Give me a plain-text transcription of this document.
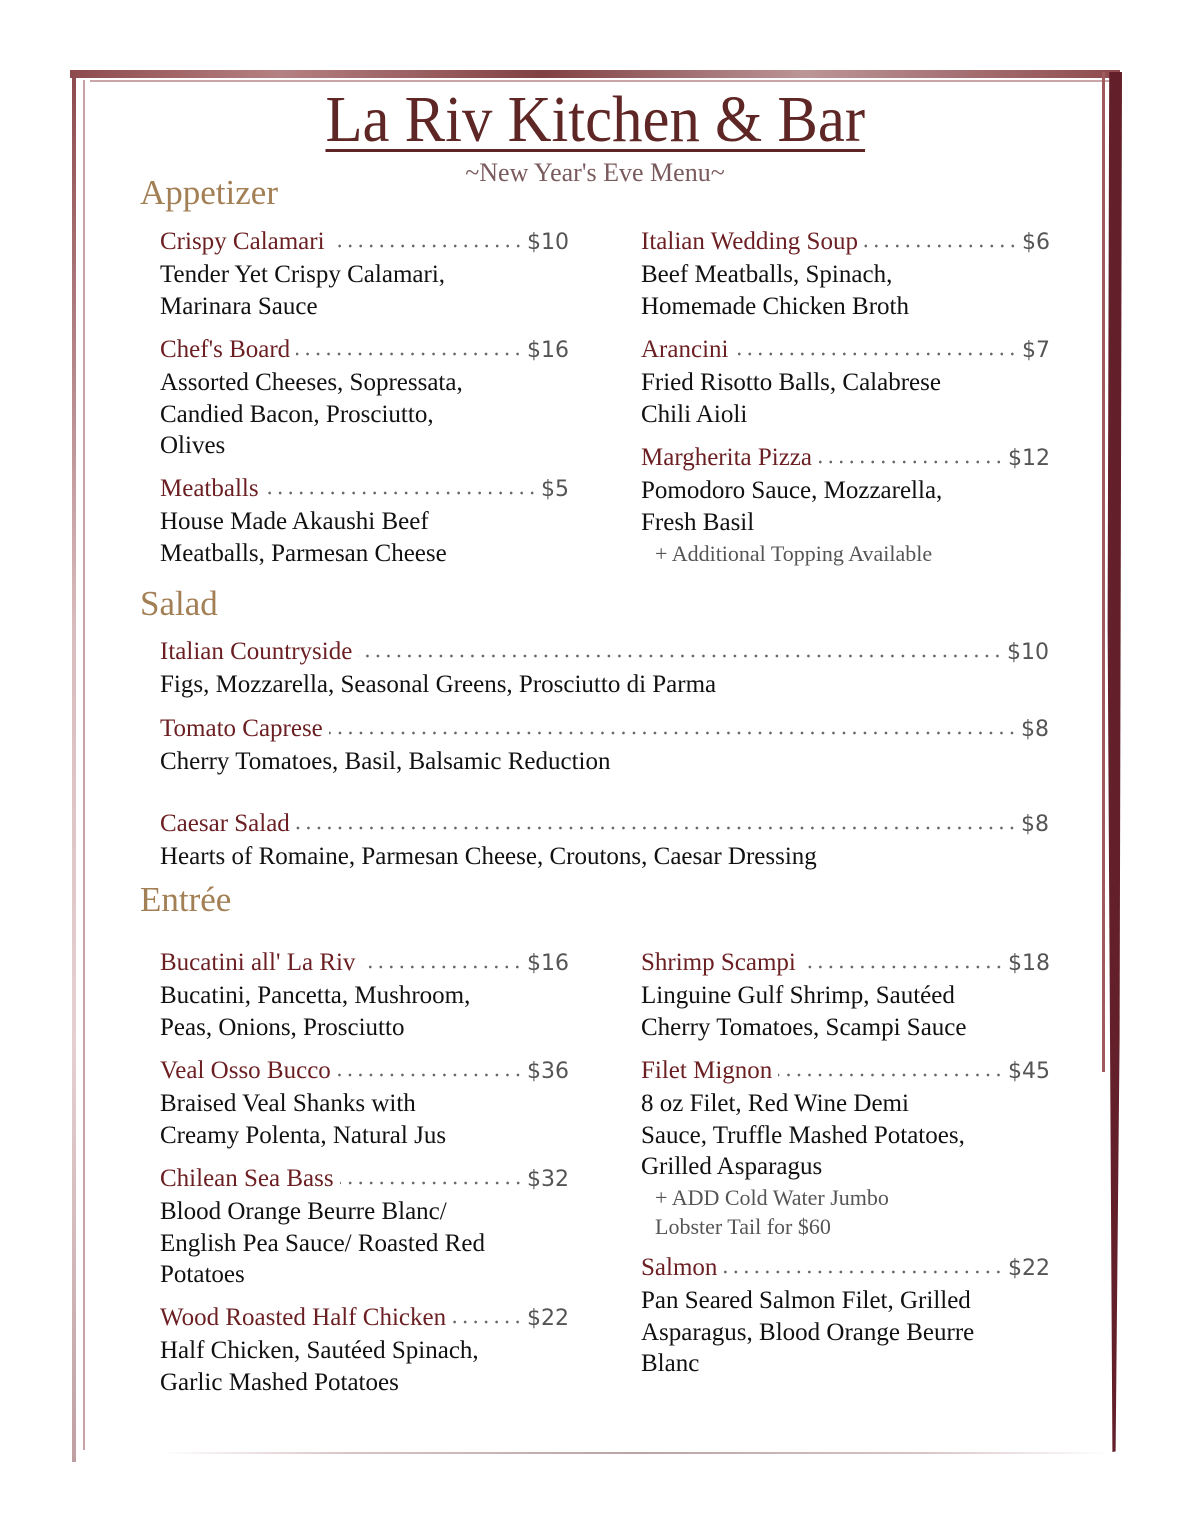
La Riv Kitchen & Bar
~New Year's Eve Menu~
Appetizer
Salad
Entrée
Crispy Calamari	$10
Tender Yet Crispy Calamari,
Marinara Sauce
Chef's Board	$16
Assorted Cheeses, Sopressata,
Candied Bacon, Prosciutto,
Olives
Meatballs	$5
House Made Akaushi Beef
Meatballs, Parmesan Cheese
Italian Wedding Soup	$6
Beef Meatballs, Spinach,
Homemade Chicken Broth
Arancini	$7
Fried Risotto Balls, Calabrese
Chili Aioli
Margherita Pizza	$12
Pomodoro Sauce, Mozzarella,
Fresh Basil
Italian Countryside	$10
Figs, Mozzarella, Seasonal Greens, Prosciutto di Parma
Tomato Caprese	$8
Cherry Tomatoes, Basil, Balsamic Reduction
Caesar Salad	$8
Hearts of Romaine, Parmesan Cheese, Croutons, Caesar Dressing
Bucatini all' La Riv	$16
Bucatini, Pancetta, Mushroom,
Peas, Onions, Prosciutto
Veal Osso Bucco	$36
Braised Veal Shanks with
Creamy Polenta, Natural Jus
Chilean Sea Bass	$32
Blood Orange Beurre Blanc/
English Pea Sauce/ Roasted Red
Potatoes
Wood Roasted Half Chicken	$22
Half Chicken, Sautéed Spinach,
Garlic Mashed Potatoes
Shrimp Scampi	$18
Linguine Gulf Shrimp, Sautéed
Cherry Tomatoes, Scampi Sauce
Filet Mignon	$45
8 oz Filet, Red Wine Demi
Sauce, Truffle Mashed Potatoes,
Grilled Asparagus
Salmon	$22
Pan Seared Salmon Filet, Grilled
Asparagus, Blood Orange Beurre
Blanc
+ Additional Topping Available
+ ADD Cold Water Jumbo
Lobster Tail for $60
